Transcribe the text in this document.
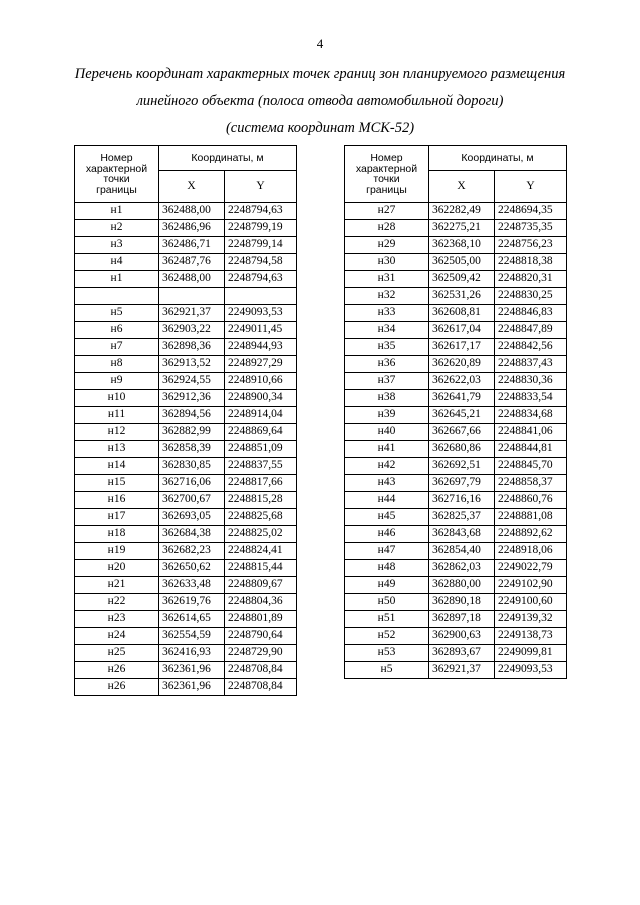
4
Перечень координат характерных точек границ зон планируемого размещения
линейного объекта (полоса отвода автомобильной дороги)
(система координат МСК-52)
Номер
характерной
точки
границы	Координаты, м	
	X	Y
н1	362488,00	2248794,63
н2	362486,96	2248799,19
н3	362486,71	2248799,14
н4	362487,76	2248794,58
н1	362488,00	2248794,63

н5	362921,37	2249093,53
н6	362903,22	2249011,45
н7	362898,36	2248944,93
н8	362913,52	2248927,29
н9	362924,55	2248910,66
н10	362912,36	2248900,34
н11	362894,56	2248914,04
н12	362882,99	2248869,64
н13	362858,39	2248851,09
н14	362830,85	2248837,55
н15	362716,06	2248817,66
н16	362700,67	2248815,28
н17	362693,05	2248825,68
н18	362684,38	2248825,02
н19	362682,23	2248824,41
н20	362650,62	2248815,44
н21	362633,48	2248809,67
н22	362619,76	2248804,36
н23	362614,65	2248801,89
н24	362554,59	2248790,64
н25	362416,93	2248729,90
н26	362361,96	2248708,84
н26	362361,96	2248708,84
Номер
характерной
точки
границы	Координаты, м	
	X	Y
н27	362282,49	2248694,35
н28	362275,21	2248735,35
н29	362368,10	2248756,23
н30	362505,00	2248818,38
н31	362509,42	2248820,31
н32	362531,26	2248830,25
н33	362608,81	2248846,83
н34	362617,04	2248847,89
н35	362617,17	2248842,56
н36	362620,89	2248837,43
н37	362622,03	2248830,36
н38	362641,79	2248833,54
н39	362645,21	2248834,68
н40	362667,66	2248841,06
н41	362680,86	2248844,81
н42	362692,51	2248845,70
н43	362697,79	2248858,37
н44	362716,16	2248860,76
н45	362825,37	2248881,08
н46	362843,68	2248892,62
н47	362854,40	2248918,06
н48	362862,03	2249022,79
н49	362880,00	2249102,90
н50	362890,18	2249100,60
н51	362897,18	2249139,32
н52	362900,63	2249138,73
н53	362893,67	2249099,81
н5	362921,37	2249093,53
